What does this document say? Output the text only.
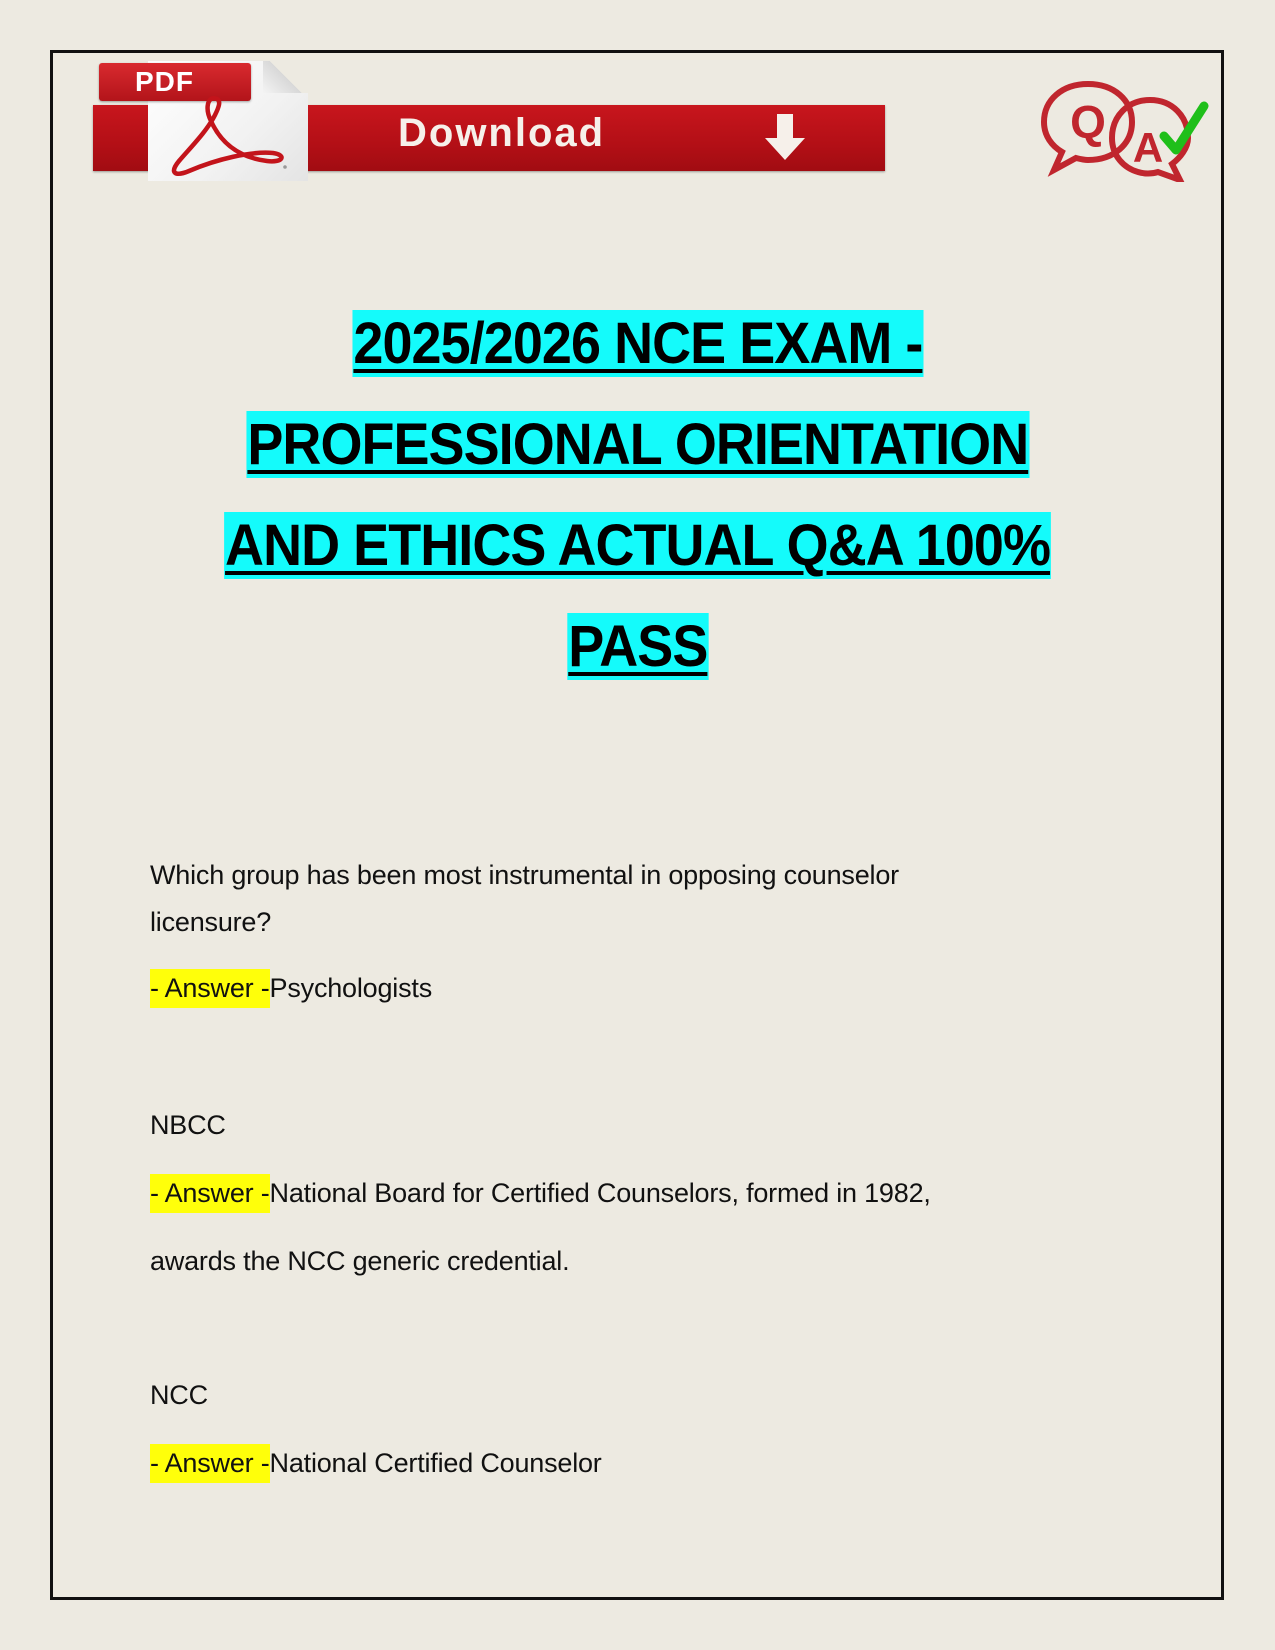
PDF
Download	Q A
2025/2026 NCE EXAM -
PROFESSIONAL ORIENTATION
AND ETHICS ACTUAL Q&A 100%
PASS
Which group has been most instrumental in opposing counselor
licensure?
- Answer -Psychologists
NBCC
- Answer -National Board for Certified Counselors, formed in 1982,
awards the NCC generic credential.
NCC
- Answer -National Certified Counselor
